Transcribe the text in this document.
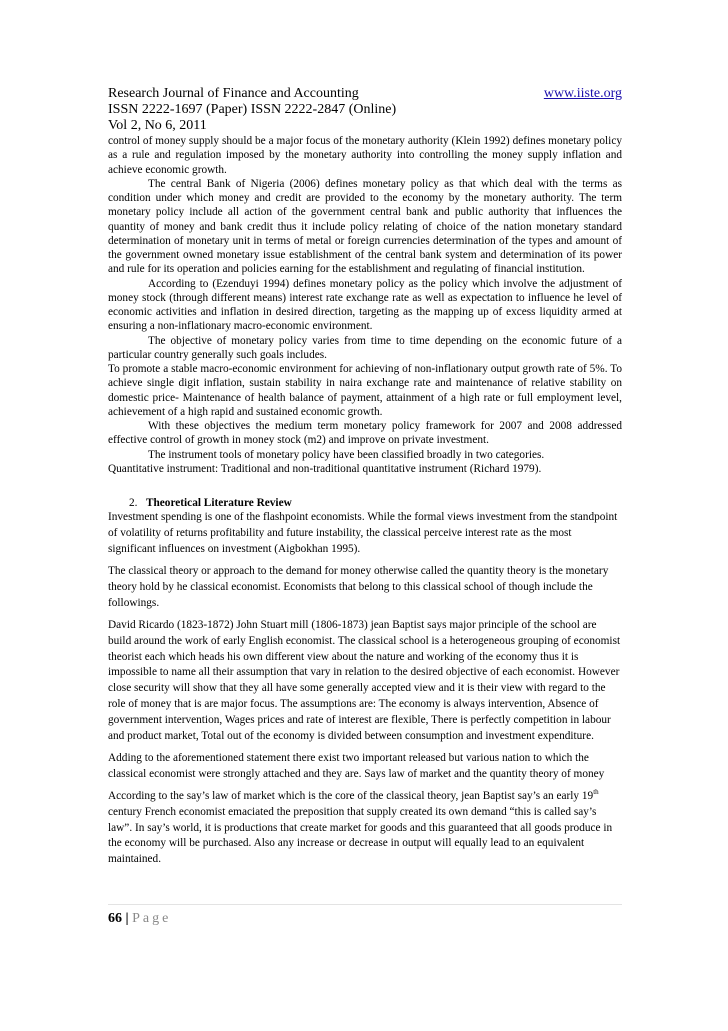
Research Journal of Finance and Accounting	www.iiste.org
ISSN 2222-1697 (Paper) ISSN 2222-2847 (Online)
Vol 2, No 6, 2011

control of money supply should be a major focus of the monetary authority (Klein 1992) defines monetary policy as a rule and regulation imposed by the monetary authority into controlling the money supply inflation and achieve economic growth.

The central Bank of Nigeria (2006) defines monetary policy as that which deal with the terms as condition under which money and credit are provided to the economy by the monetary authority. The term monetary policy include all action of the government central bank and public authority that influences the quantity of money and bank credit thus it include policy relating of choice of the nation monetary standard determination of monetary unit in terms of metal or foreign currencies determination of the types and amount of the government owned monetary issue establishment of the central bank system and determination of its power and rule for its operation and policies earning for the establishment and regulating of financial institution.

According to (Ezenduyi 1994) defines monetary policy as the policy which involve the adjustment of money stock (through different means) interest rate exchange rate as well as expectation to influence he level of economic activities and inflation in desired direction, targeting as the mapping up of excess liquidity armed at ensuring a non-inflationary macro-economic environment.

The objective of monetary policy varies from time to time depending on the economic future of a particular country generally such goals includes.

To promote a stable macro-economic environment for achieving of non-inflationary output growth rate of 5%. To achieve single digit inflation, sustain stability in naira exchange rate and maintenance of relative stability on domestic price- Maintenance of health balance of payment, attainment of a high rate or full employment level, achievement of a high rapid and sustained economic growth.

With these objectives the medium term monetary policy framework for 2007 and 2008 addressed effective control of growth in money stock (m2) and improve on private investment.

The instrument tools of monetary policy have been classified broadly in two categories.

Quantitative instrument: Traditional and non-traditional quantitative instrument (Richard 1979).

2. Theoretical Literature Review

Investment spending is one of the flashpoint economists. While the formal views investment from the standpoint of volatility of returns profitability and future instability, the classical perceive interest rate as the most significant influences on investment (Aigbokhan 1995).

The classical theory or approach to the demand for money otherwise called the quantity theory is the monetary theory hold by he classical economist. Economists that belong to this classical school of though include the followings.

David Ricardo (1823-1872) John Stuart mill (1806-1873) jean Baptist says major principle of the school are build around the work of early English economist. The classical school is a heterogeneous grouping of economist theorist each which heads his own different view about the nature and working of the economy thus it is impossible to name all their assumption that vary in relation to the desired objective of each economist. However close security will show that they all have some generally accepted view and it is their view with regard to the role of money that is are major focus. The assumptions are: The economy is always intervention, Absence of government intervention, Wages prices and rate of interest are flexible, There is perfectly competition in labour and product market, Total out of the economy is divided between consumption and investment expenditure.

Adding to the aforementioned statement there exist two important released but various nation to which the classical economist were strongly attached and they are. Says law of market and the quantity theory of money

According to the say’s law of market which is the core of the classical theory, jean Baptist say’s an early 19th century French economist emaciated the preposition that supply created its own demand “this is called say’s law”. In say’s world, it is productions that create market for goods and this guaranteed that all goods produce in the economy will be purchased. Also any increase or decrease in output will equally lead to an equivalent maintained.

66 | Page
